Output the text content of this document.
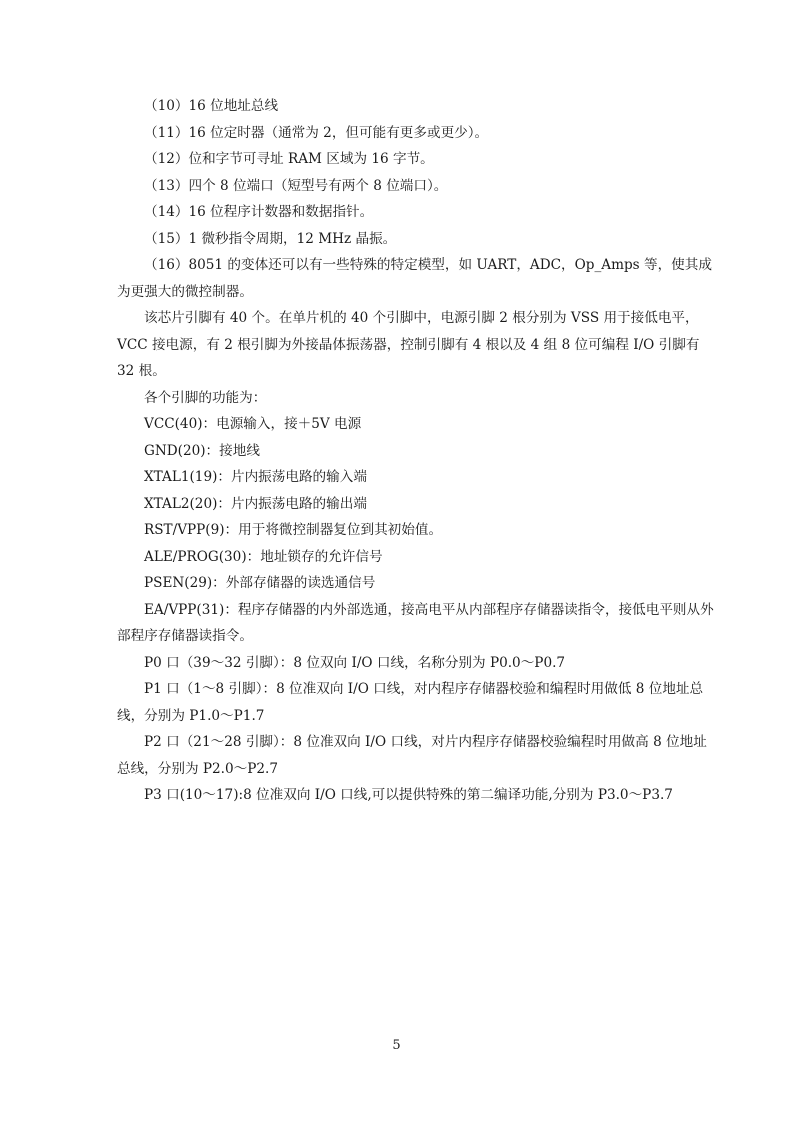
（10）16 位地址总线

（11）16 位定时器（通常为 2，但可能有更多或更少）。

（12）位和字节可寻址 RAM 区域为 16 字节。

（13）四个 8 位端口（短型号有两个 8 位端口）。

（14）16 位程序计数器和数据指针。

（15）1 微秒指令周期，12 MHz 晶振。

（16）8051 的变体还可以有一些特殊的特定模型，如 UART，ADC，Op_Amps 等，使其成为更强大的微控制器。

该芯片引脚有 40 个。在单片机的 40 个引脚中，电源引脚 2 根分别为 VSS 用于接低电平，VCC 接电源，有 2 根引脚为外接晶体振荡器，控制引脚有 4 根以及 4 组 8 位可编程 I/O 引脚有 32 根。

各个引脚的功能为：

VCC(40)：电源输入，接＋5V 电源

GND(20)：接地线

XTAL1(19)：片内振荡电路的输入端

XTAL2(20)：片内振荡电路的输出端

RST/VPP(9)：用于将微控制器复位到其初始值。

ALE/PROG(30)：地址锁存的允许信号

PSEN(29)：外部存储器的读选通信号

EA/VPP(31)：程序存储器的内外部选通，接高电平从内部程序存储器读指令，接低电平则从外部程序存储器读指令。

P0 口（39～32 引脚）：8 位双向 I/O 口线，名称分别为 P0.0～P0.7

P1 口（1～8 引脚）：8 位准双向 I/O 口线，对内程序存储器校验和编程时用做低 8 位地址总线，分别为 P1.0～P1.7

P2 口（21～28 引脚）：8 位准双向 I/O 口线，对片内程序存储器校验编程时用做高 8 位地址总线，分别为 P2.0～P2.7

P3 口(10～17):8 位准双向 I/O 口线,可以提供特殊的第二编译功能,分别为 P3.0～P3.7

5
